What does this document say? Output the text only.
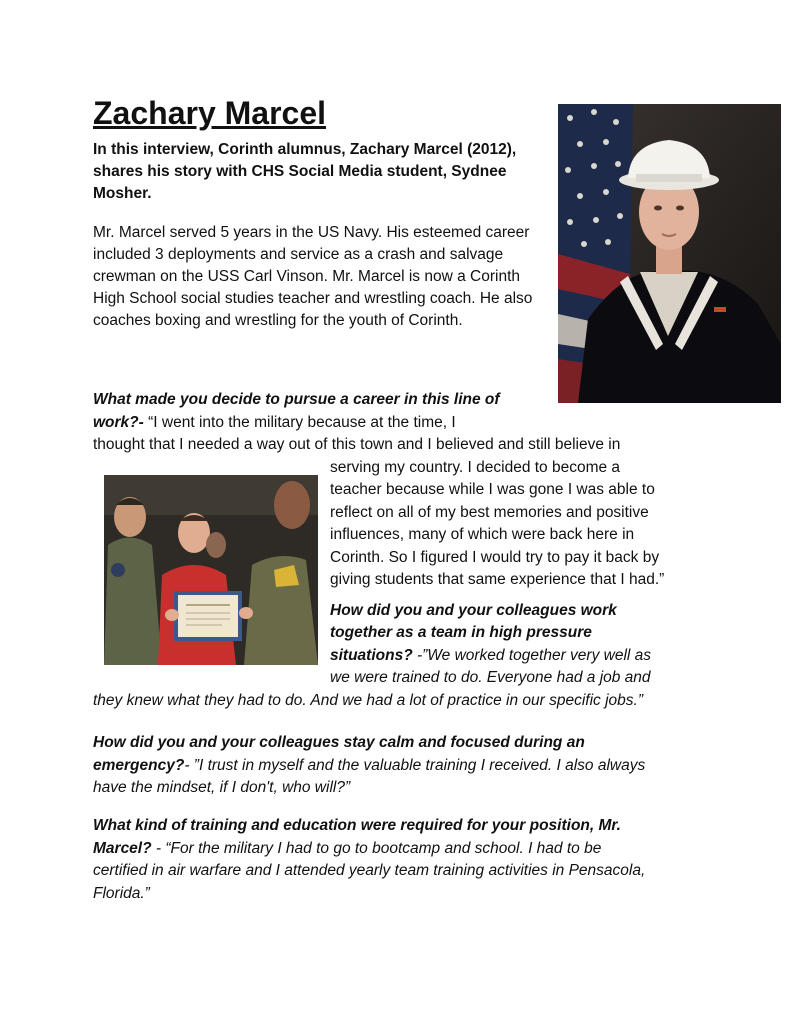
Zachary Marcel

In this interview, Corinth alumnus, Zachary Marcel (2012), shares his story with CHS Social Media student, Sydnee Mosher.

Mr. Marcel served 5 years in the US Navy. His esteemed career included 3 deployments and service as a crash and salvage crewman on the USS Carl Vinson. Mr. Marcel is now a Corinth High School social studies teacher and wrestling coach. He also coaches boxing and wrestling for the youth of Corinth.

What made you decide to pursue a career in this line of
work?- “I went into the military because at the time, I
thought that I needed a way out of this town and I believed and still believe in
serving my country. I decided to become a
teacher because while I was gone I was able to
reflect on all of my best memories and positive
influences, many of which were back here in
Corinth. So I figured I would try to pay it back by
giving students that same experience that I had.”
How did you and your colleagues work
together as a team in high pressure
situations? -”We worked together very well as
we were trained to do. Everyone had a job and
they knew what they had to do. And we had a lot of practice in our specific jobs.”
How did you and your colleagues stay calm and focused during an
emergency?- ”I trust in myself and the valuable training I received. I also always
have the mindset, if I don't, who will?”
What kind of training and education were required for your position, Mr.
Marcel? - “For the military I had to go to bootcamp and school. I had to be
certified in air warfare and I attended yearly team training activities in Pensacola,
Florida.”
